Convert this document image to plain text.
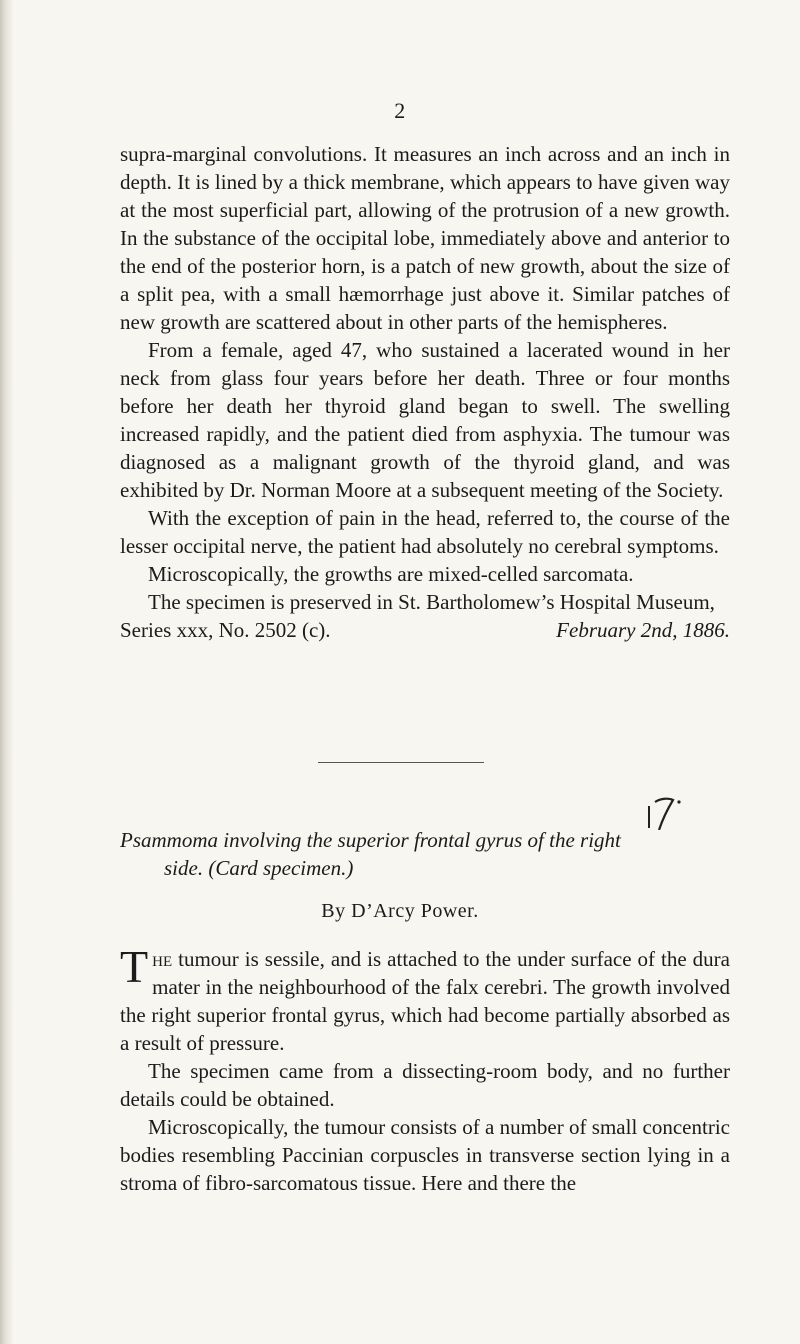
2

supra-marginal convolutions. It measures an inch across and an inch in depth. It is lined by a thick membrane, which appears to have given way at the most superficial part, allowing of the protrusion of a new growth. In the substance of the occipital lobe, immediately above and anterior to the end of the posterior horn, is a patch of new growth, about the size of a split pea, with a small hæmorrhage just above it. Similar patches of new growth are scattered about in other parts of the hemispheres.

From a female, aged 47, who sustained a lacerated wound in her neck from glass four years before her death. Three or four months before her death her thyroid gland began to swell. The swelling increased rapidly, and the patient died from asphyxia. The tumour was diagnosed as a malignant growth of the thyroid gland, and was exhibited by Dr. Norman Moore at a subsequent meeting of the Society.

With the exception of pain in the head, referred to, the course of the lesser occipital nerve, the patient had absolutely no cerebral symptoms.

Microscopically, the growths are mixed-celled sarcomata.

The specimen is preserved in St. Bartholomew’s Hospital Museum,

Series xxx, No. 2502 (c).	February 2nd, 1886.

Psammoma involving the superior frontal gyrus of the right
side. (Card specimen.)
By D’Arcy Power.

The tumour is sessile, and is attached to the under surface of the dura mater in the neighbourhood of the falx cerebri. The growth involved the right superior frontal gyrus, which had become partially absorbed as a result of pressure.

The specimen came from a dissecting-room body, and no further details could be obtained.

Microscopically, the tumour consists of a number of small concentric bodies resembling Paccinian corpuscles in transverse section lying in a stroma of fibro-sarcomatous tissue. Here and there the
